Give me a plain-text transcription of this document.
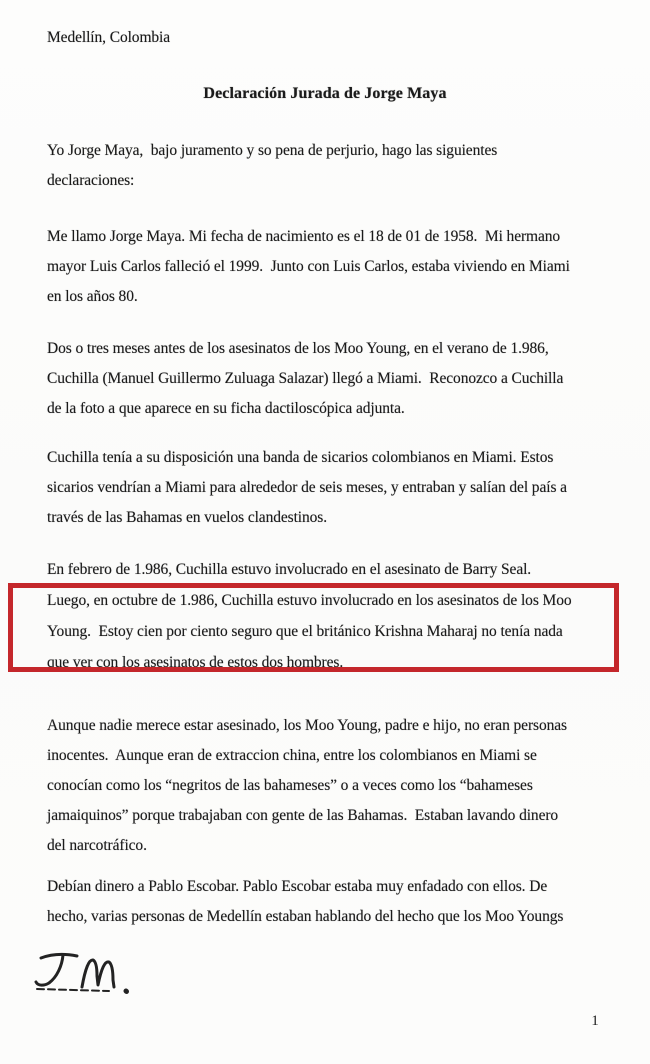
Medellín, Colombia
Declaración Jurada de Jorge Maya
Yo Jorge Maya,  bajo juramento y so pena de perjurio, hago las siguientes
declaraciones:
Me llamo Jorge Maya. Mi fecha de nacimiento es el 18 de 01 de 1958.  Mi hermano
mayor Luis Carlos falleció el 1999.  Junto con Luis Carlos, estaba viviendo en Miami
en los años 80.
Dos o tres meses antes de los asesinatos de los Moo Young, en el verano de 1.986,
Cuchilla (Manuel Guillermo Zuluaga Salazar) llegó a Miami.  Reconozco a Cuchilla
de la foto a que aparece en su ficha dactiloscópica adjunta.
Cuchilla tenía a su disposición una banda de sicarios colombianos en Miami. Estos
sicarios vendrían a Miami para alrededor de seis meses, y entraban y salían del país a
través de las Bahamas en vuelos clandestinos.
En febrero de 1.986, Cuchilla estuvo involucrado en el asesinato de Barry Seal.
Luego, en octubre de 1.986, Cuchilla estuvo involucrado en los asesinatos de los Moo
Young.  Estoy cien por ciento seguro que el británico Krishna Maharaj no tenía nada
que ver con los asesinatos de estos dos hombres.
Aunque nadie merece estar asesinado, los Moo Young, padre e hijo, no eran personas
inocentes.  Aunque eran de extraccion china, entre los colombianos en Miami se
conocían como los “negritos de las bahameses” o a veces como los “bahameses
jamaiquinos” porque trabajaban con gente de las Bahamas.  Estaban lavando dinero
del narcotráfico.
Debían dinero a Pablo Escobar. Pablo Escobar estaba muy enfadado con ellos. De
hecho, varias personas de Medellín estaban hablando del hecho que los Moo Youngs
1
